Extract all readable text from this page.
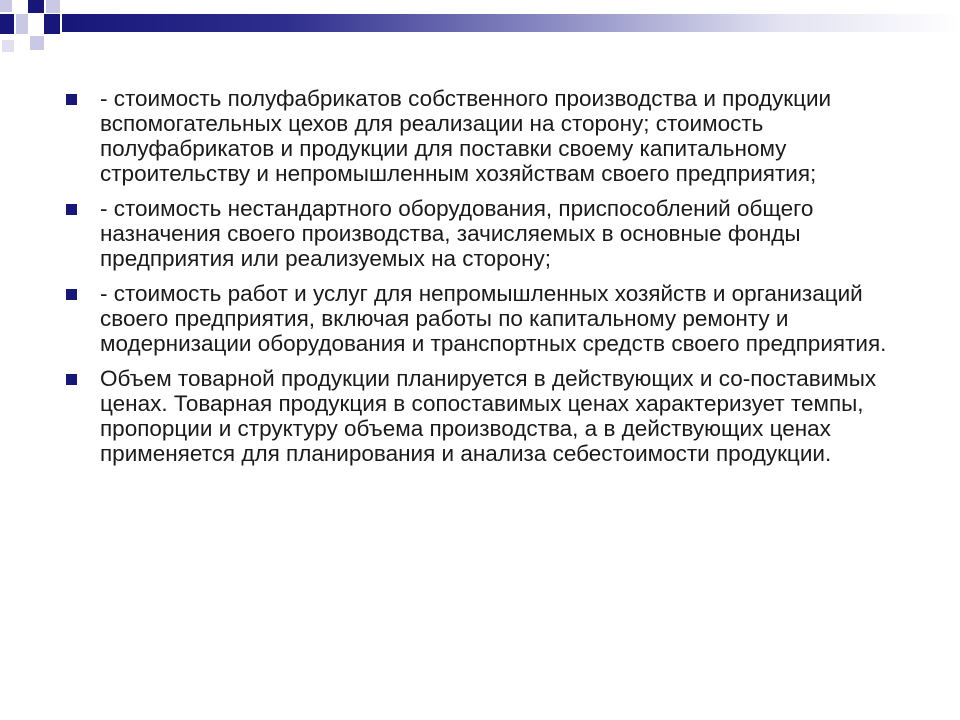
- стоимость полуфабрикатов собственного производства и продукции вспомогательных цехов для реализации на сторону; стоимость полуфабрикатов и продукции для поставки своему капитальному строительству и непромышленным хозяйствам своего предприятия;
- стоимость нестандартного оборудования, приспособлений общего назначения своего производства, зачисляемых в основные фонды предприятия или реализуемых на сторону;
- стоимость работ и услуг для непромышленных хозяйств и организаций своего предприятия, включая работы по капитальному ремонту и модернизации оборудования и транспортных средств своего предприятия.
Объем товарной продукции планируется в действующих и со-поставимых ценах. Товарная продукция в сопоставимых ценах характеризует темпы, пропорции и структуру объема производства, а в действующих ценах применяется для планирования и анализа себестоимости продукции.
